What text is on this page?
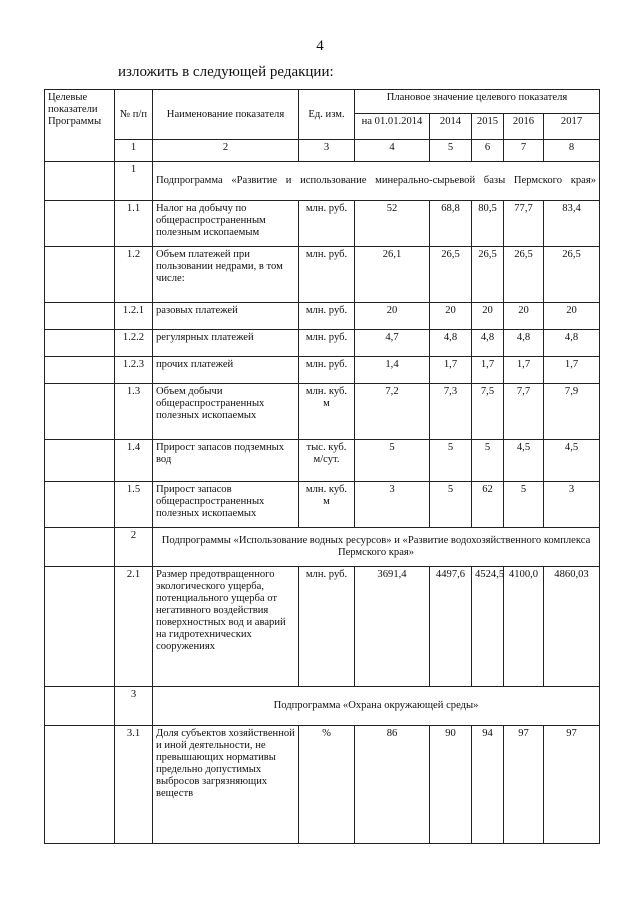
4
изложить в следующей редакции:
Целевые показатели Программы	№ п/п	Наименование показателя	Ед. изм.	Плановое значение целевого показателя				
				на 01.01.2014	2014	2015	2016	2017
	1	2	3	4	5	6	7	8
	1	Подпрограмма «Развитие и использование минерально-сырьевой базы Пермского края»						
	1.1	Налог на добычу по общераспространенным полезным ископаемым	млн. руб.	52	68,8	80,5	77,7	83,4
	1.2	Объем платежей при пользовании недрами, в том числе:	млн. руб.	26,1	26,5	26,5	26,5	26,5
	1.2.1	разовых платежей	млн. руб.	20	20	20	20	20
	1.2.2	регулярных платежей	млн. руб.	4,7	4,8	4,8	4,8	4,8
	1.2.3	прочих платежей	млн. руб.	1,4	1,7	1,7	1,7	1,7
	1.3	Объем добычи общераспространенных полезных ископаемых	млн. куб. м	7,2	7,3	7,5	7,7	7,9
	1.4	Прирост запасов подземных вод	тыс. куб. м/сут.	5	5	5	4,5	4,5
	1.5	Прирост запасов общераспространенных полезных ископаемых	млн. куб. м	3	5	62	5	3
	2	Подпрограммы «Использование водных ресурсов» и «Развитие водохозяйственного комплекса Пермского края»						
	2.1	Размер предотвращенного экологического ущерба, потенциального ущерба от негативного воздействия поверхностных вод и аварий на гидротехнических сооружениях	млн. руб.	3691,4	4497,6	4524,5	4100,0	4860,03
	3	Подпрограмма «Охрана окружающей среды»						
	3.1	Доля субъектов хозяйственной и иной деятельности, не превышающих нормативы предельно допустимых выбросов загрязняющих веществ	%	86	90	94	97	97
